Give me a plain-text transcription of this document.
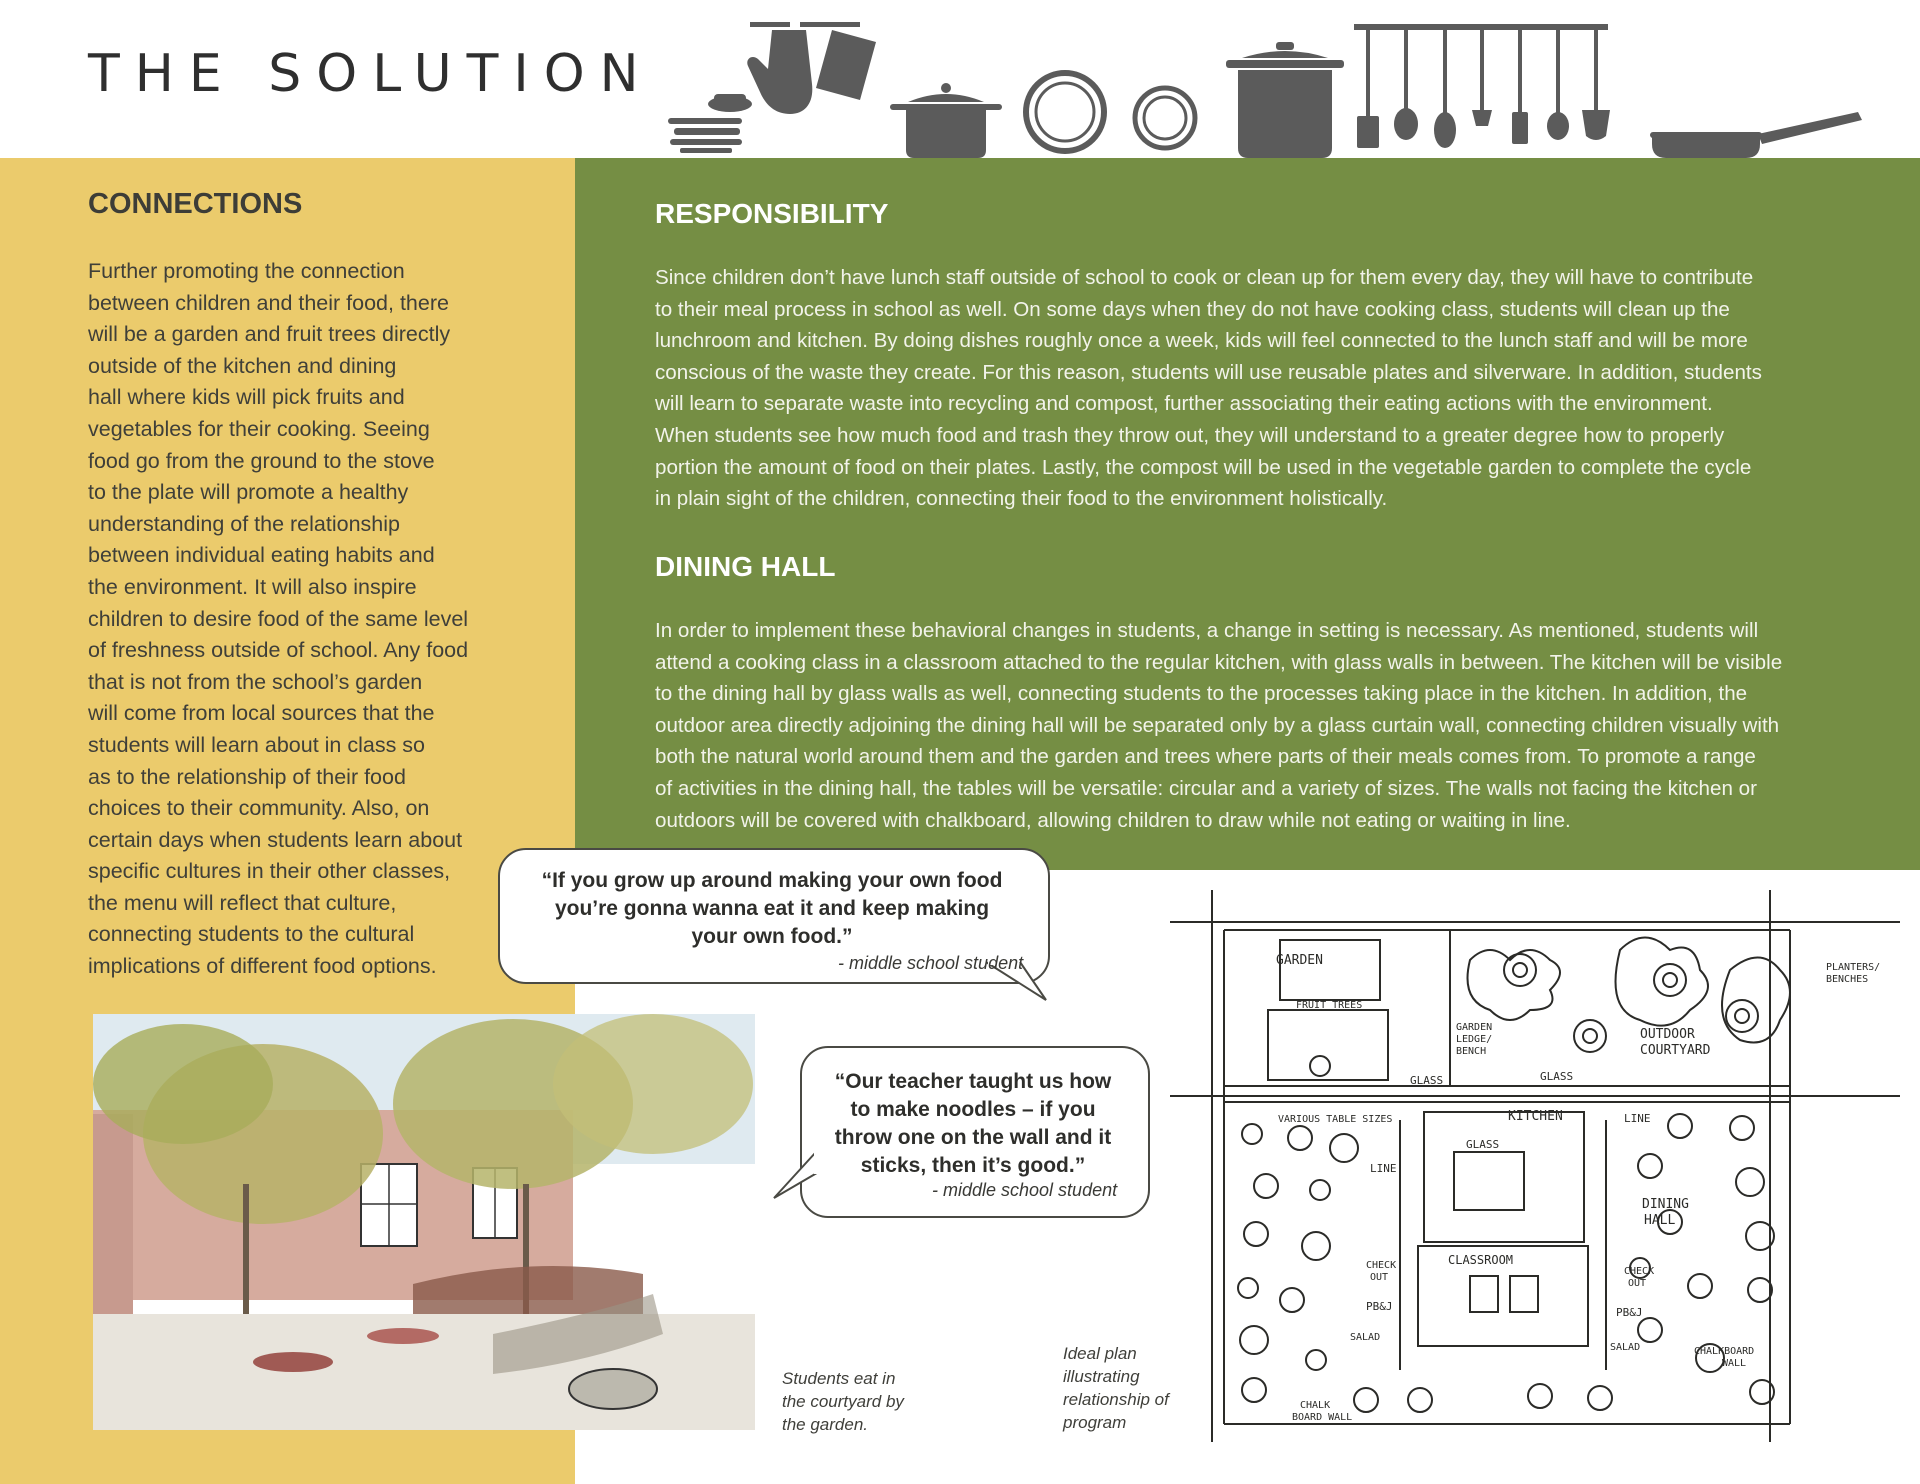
THE SOLUTION
CONNECTIONS
Further promoting the connection
between children and their food, there
will be a garden and fruit trees directly
outside of the kitchen and dining
hall where kids will pick fruits and
vegetables for their cooking. Seeing
food go from the ground to the stove
to the plate will promote a healthy
understanding of the relationship
between individual eating habits and
the environment. It will also inspire
children to desire food of the same level
of freshness outside of school. Any food
that is not from the school’s garden
will come from local sources that the
students will learn about in class so
as to the relationship of their food
choices to their community. Also, on
certain days when students learn about
specific cultures in their other classes,
the menu will reflect that culture,
connecting students to the cultural
implications of different food options.
RESPONSIBILITY
Since children don’t have lunch staff outside of school to cook or clean up for them every day, they will have to contribute
to their meal process in school as well. On some days when they do not have cooking class, students will clean up the
lunchroom and kitchen. By doing dishes roughly once a week, kids will feel connected to the lunch staff and will be more
conscious of the waste they create. For this reason, students will use reusable plates and silverware. In addition, students
will learn to separate waste into recycling and compost, further associating their eating actions with the environment.
When students see how much food and trash they throw out, they will understand to a greater degree how to properly
portion the amount of food on their plates. Lastly, the compost will be used in the vegetable garden to complete the cycle
in plain sight of the children, connecting their food to the environment holistically.
DINING HALL
In order to implement these behavioral changes in students, a change in setting is necessary. As mentioned, students will
attend a cooking class in a classroom attached to the regular kitchen, with glass walls in between. The kitchen will be visible
to the dining hall by glass walls as well, connecting students to the processes taking place in the kitchen. In addition, the
outdoor area directly adjoining the dining hall will be separated only by a glass curtain wall, connecting children visually with
both the natural world around them and the garden and trees where parts of their meals comes from. To promote a range
of activities in the dining hall, the tables will be versatile: circular and a variety of sizes. The walls not facing the kitchen or
outdoors will be covered with chalkboard, allowing children to draw while not eating or waiting in line.
“If you grow up around making your own food
you’re gonna wanna eat it and keep making
your own food.”

- middle school student

Students eat in
the courtyard by
the garden.
“Our teacher taught us how
to make noodles – if you
throw one on the wall and it
sticks, then it’s good.”

- middle school student

Ideal plan
illustrating
relationship of
program
GARDEN
FRUIT TREES
GARDEN
LEDGE/
BENCH
OUTDOOR
COURTYARD
PLANTERS/
BENCHES
GLASS	GLASS
VARIOUS TABLE SIZES	KITCHEN
GLASS
LINE
LINE
DINING
HALL
CHECK
OUT
CHECK
OUT
CLASSROOM
PB&J	PB&J
SALAD
SALAD	CHALKBOARD
WALL
CHALK
BOARD WALL
